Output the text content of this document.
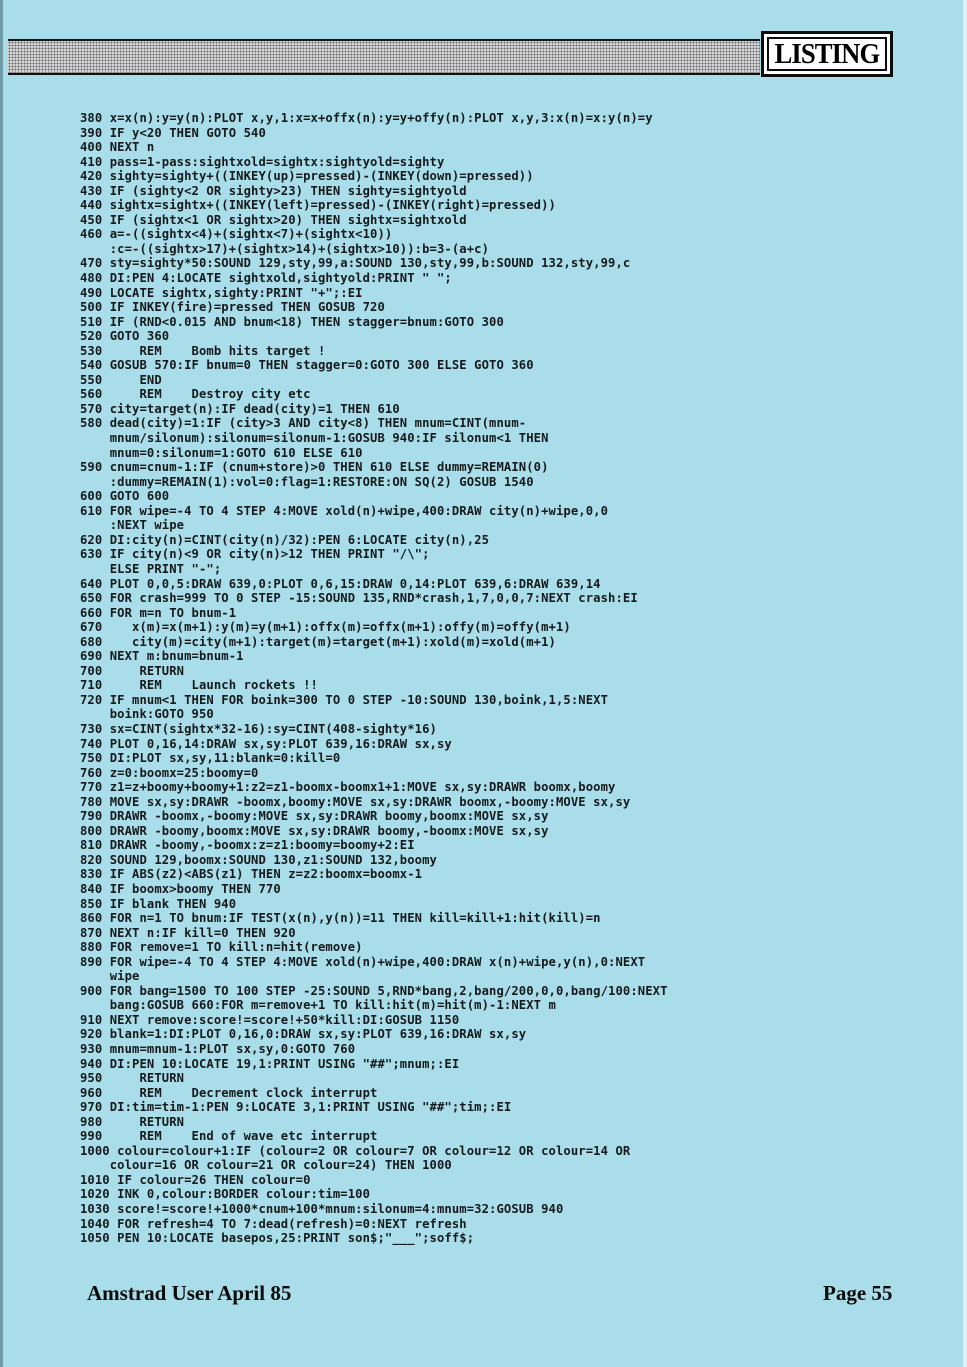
LISTING
380 x=x(n):y=y(n):PLOT x,y,1:x=x+offx(n):y=y+offy(n):PLOT x,y,3:x(n)=x:y(n)=y
390 IF y<20 THEN GOTO 540
400 NEXT n
410 pass=1-pass:sightxold=sightx:sightyold=sighty
420 sighty=sighty+((INKEY(up)=pressed)-(INKEY(down)=pressed))
430 IF (sighty<2 OR sighty>23) THEN sighty=sightyold
440 sightx=sightx+((INKEY(left)=pressed)-(INKEY(right)=pressed))
450 IF (sightx<1 OR sightx>20) THEN sightx=sightxold
460 a=-((sightx<4)+(sightx<7)+(sightx<10))
:c=-((sightx>17)+(sightx>14)+(sightx>10)):b=3-(a+c)
470 sty=sighty*50:SOUND 129,sty,99,a:SOUND 130,sty,99,b:SOUND 132,sty,99,c
480 DI:PEN 4:LOCATE sightxold,sightyold:PRINT " ";
490 LOCATE sightx,sighty:PRINT "+";:EI
500 IF INKEY(fire)=pressed THEN GOSUB 720
510 IF (RND<0.015 AND bnum<18) THEN stagger=bnum:GOTO 300
520 GOTO 360
530     REM    Bomb hits target !
540 GOSUB 570:IF bnum=0 THEN stagger=0:GOTO 300 ELSE GOTO 360
550     END
560     REM    Destroy city etc
570 city=target(n):IF dead(city)=1 THEN 610
580 dead(city)=1:IF (city>3 AND city<8) THEN mnum=CINT(mnum-
mnum/silonum):silonum=silonum-1:GOSUB 940:IF silonum<1 THEN
mnum=0:silonum=1:GOTO 610 ELSE 610
590 cnum=cnum-1:IF (cnum+store)>0 THEN 610 ELSE dummy=REMAIN(0)
:dummy=REMAIN(1):vol=0:flag=1:RESTORE:ON SQ(2) GOSUB 1540
600 GOTO 600
610 FOR wipe=-4 TO 4 STEP 4:MOVE xold(n)+wipe,400:DRAW city(n)+wipe,0,0
:NEXT wipe
620 DI:city(n)=CINT(city(n)/32):PEN 6:LOCATE city(n),25
630 IF city(n)<9 OR city(n)>12 THEN PRINT "/\";
ELSE PRINT "-";
640 PLOT 0,0,5:DRAW 639,0:PLOT 0,6,15:DRAW 0,14:PLOT 639,6:DRAW 639,14
650 FOR crash=999 TO 0 STEP -15:SOUND 135,RND*crash,1,7,0,0,7:NEXT crash:EI
660 FOR m=n TO bnum-1
670    x(m)=x(m+1):y(m)=y(m+1):offx(m)=offx(m+1):offy(m)=offy(m+1)
680    city(m)=city(m+1):target(m)=target(m+1):xold(m)=xold(m+1)
690 NEXT m:bnum=bnum-1
700     RETURN
710     REM    Launch rockets !!
720 IF mnum<1 THEN FOR boink=300 TO 0 STEP -10:SOUND 130,boink,1,5:NEXT
boink:GOTO 950
730 sx=CINT(sightx*32-16):sy=CINT(408-sighty*16)
740 PLOT 0,16,14:DRAW sx,sy:PLOT 639,16:DRAW sx,sy
750 DI:PLOT sx,sy,11:blank=0:kill=0
760 z=0:boomx=25:boomy=0
770 z1=z+boomy+boomy+1:z2=z1-boomx-boomx1+1:MOVE sx,sy:DRAWR boomx,boomy
780 MOVE sx,sy:DRAWR -boomx,boomy:MOVE sx,sy:DRAWR boomx,-boomy:MOVE sx,sy
790 DRAWR -boomx,-boomy:MOVE sx,sy:DRAWR boomy,boomx:MOVE sx,sy
800 DRAWR -boomy,boomx:MOVE sx,sy:DRAWR boomy,-boomx:MOVE sx,sy
810 DRAWR -boomy,-boomx:z=z1:boomy=boomy+2:EI
820 SOUND 129,boomx:SOUND 130,z1:SOUND 132,boomy
830 IF ABS(z2)<ABS(z1) THEN z=z2:boomx=boomx-1
840 IF boomx>boomy THEN 770
850 IF blank THEN 940
860 FOR n=1 TO bnum:IF TEST(x(n),y(n))=11 THEN kill=kill+1:hit(kill)=n
870 NEXT n:IF kill=0 THEN 920
880 FOR remove=1 TO kill:n=hit(remove)
890 FOR wipe=-4 TO 4 STEP 4:MOVE xold(n)+wipe,400:DRAW x(n)+wipe,y(n),0:NEXT
wipe
900 FOR bang=1500 TO 100 STEP -25:SOUND 5,RND*bang,2,bang/200,0,0,bang/100:NEXT
bang:GOSUB 660:FOR m=remove+1 TO kill:hit(m)=hit(m)-1:NEXT m
910 NEXT remove:score!=score!+50*kill:DI:GOSUB 1150
920 blank=1:DI:PLOT 0,16,0:DRAW sx,sy:PLOT 639,16:DRAW sx,sy
930 mnum=mnum-1:PLOT sx,sy,0:GOTO 760
940 DI:PEN 10:LOCATE 19,1:PRINT USING "##";mnum;:EI
950     RETURN
960     REM    Decrement clock interrupt
970 DI:tim=tim-1:PEN 9:LOCATE 3,1:PRINT USING "##";tim;:EI
980     RETURN
990     REM    End of wave etc interrupt
1000 colour=colour+1:IF (colour=2 OR colour=7 OR colour=12 OR colour=14 OR
colour=16 OR colour=21 OR colour=24) THEN 1000
1010 IF colour=26 THEN colour=0
1020 INK 0,colour:BORDER colour:tim=100
1030 score!=score!+1000*cnum+100*mnum:silonum=4:mnum=32:GOSUB 940
1040 FOR refresh=4 TO 7:dead(refresh)=0:NEXT refresh
1050 PEN 10:LOCATE basepos,25:PRINT son$;"___";soff$;
Amstrad User April 85	Page 55
